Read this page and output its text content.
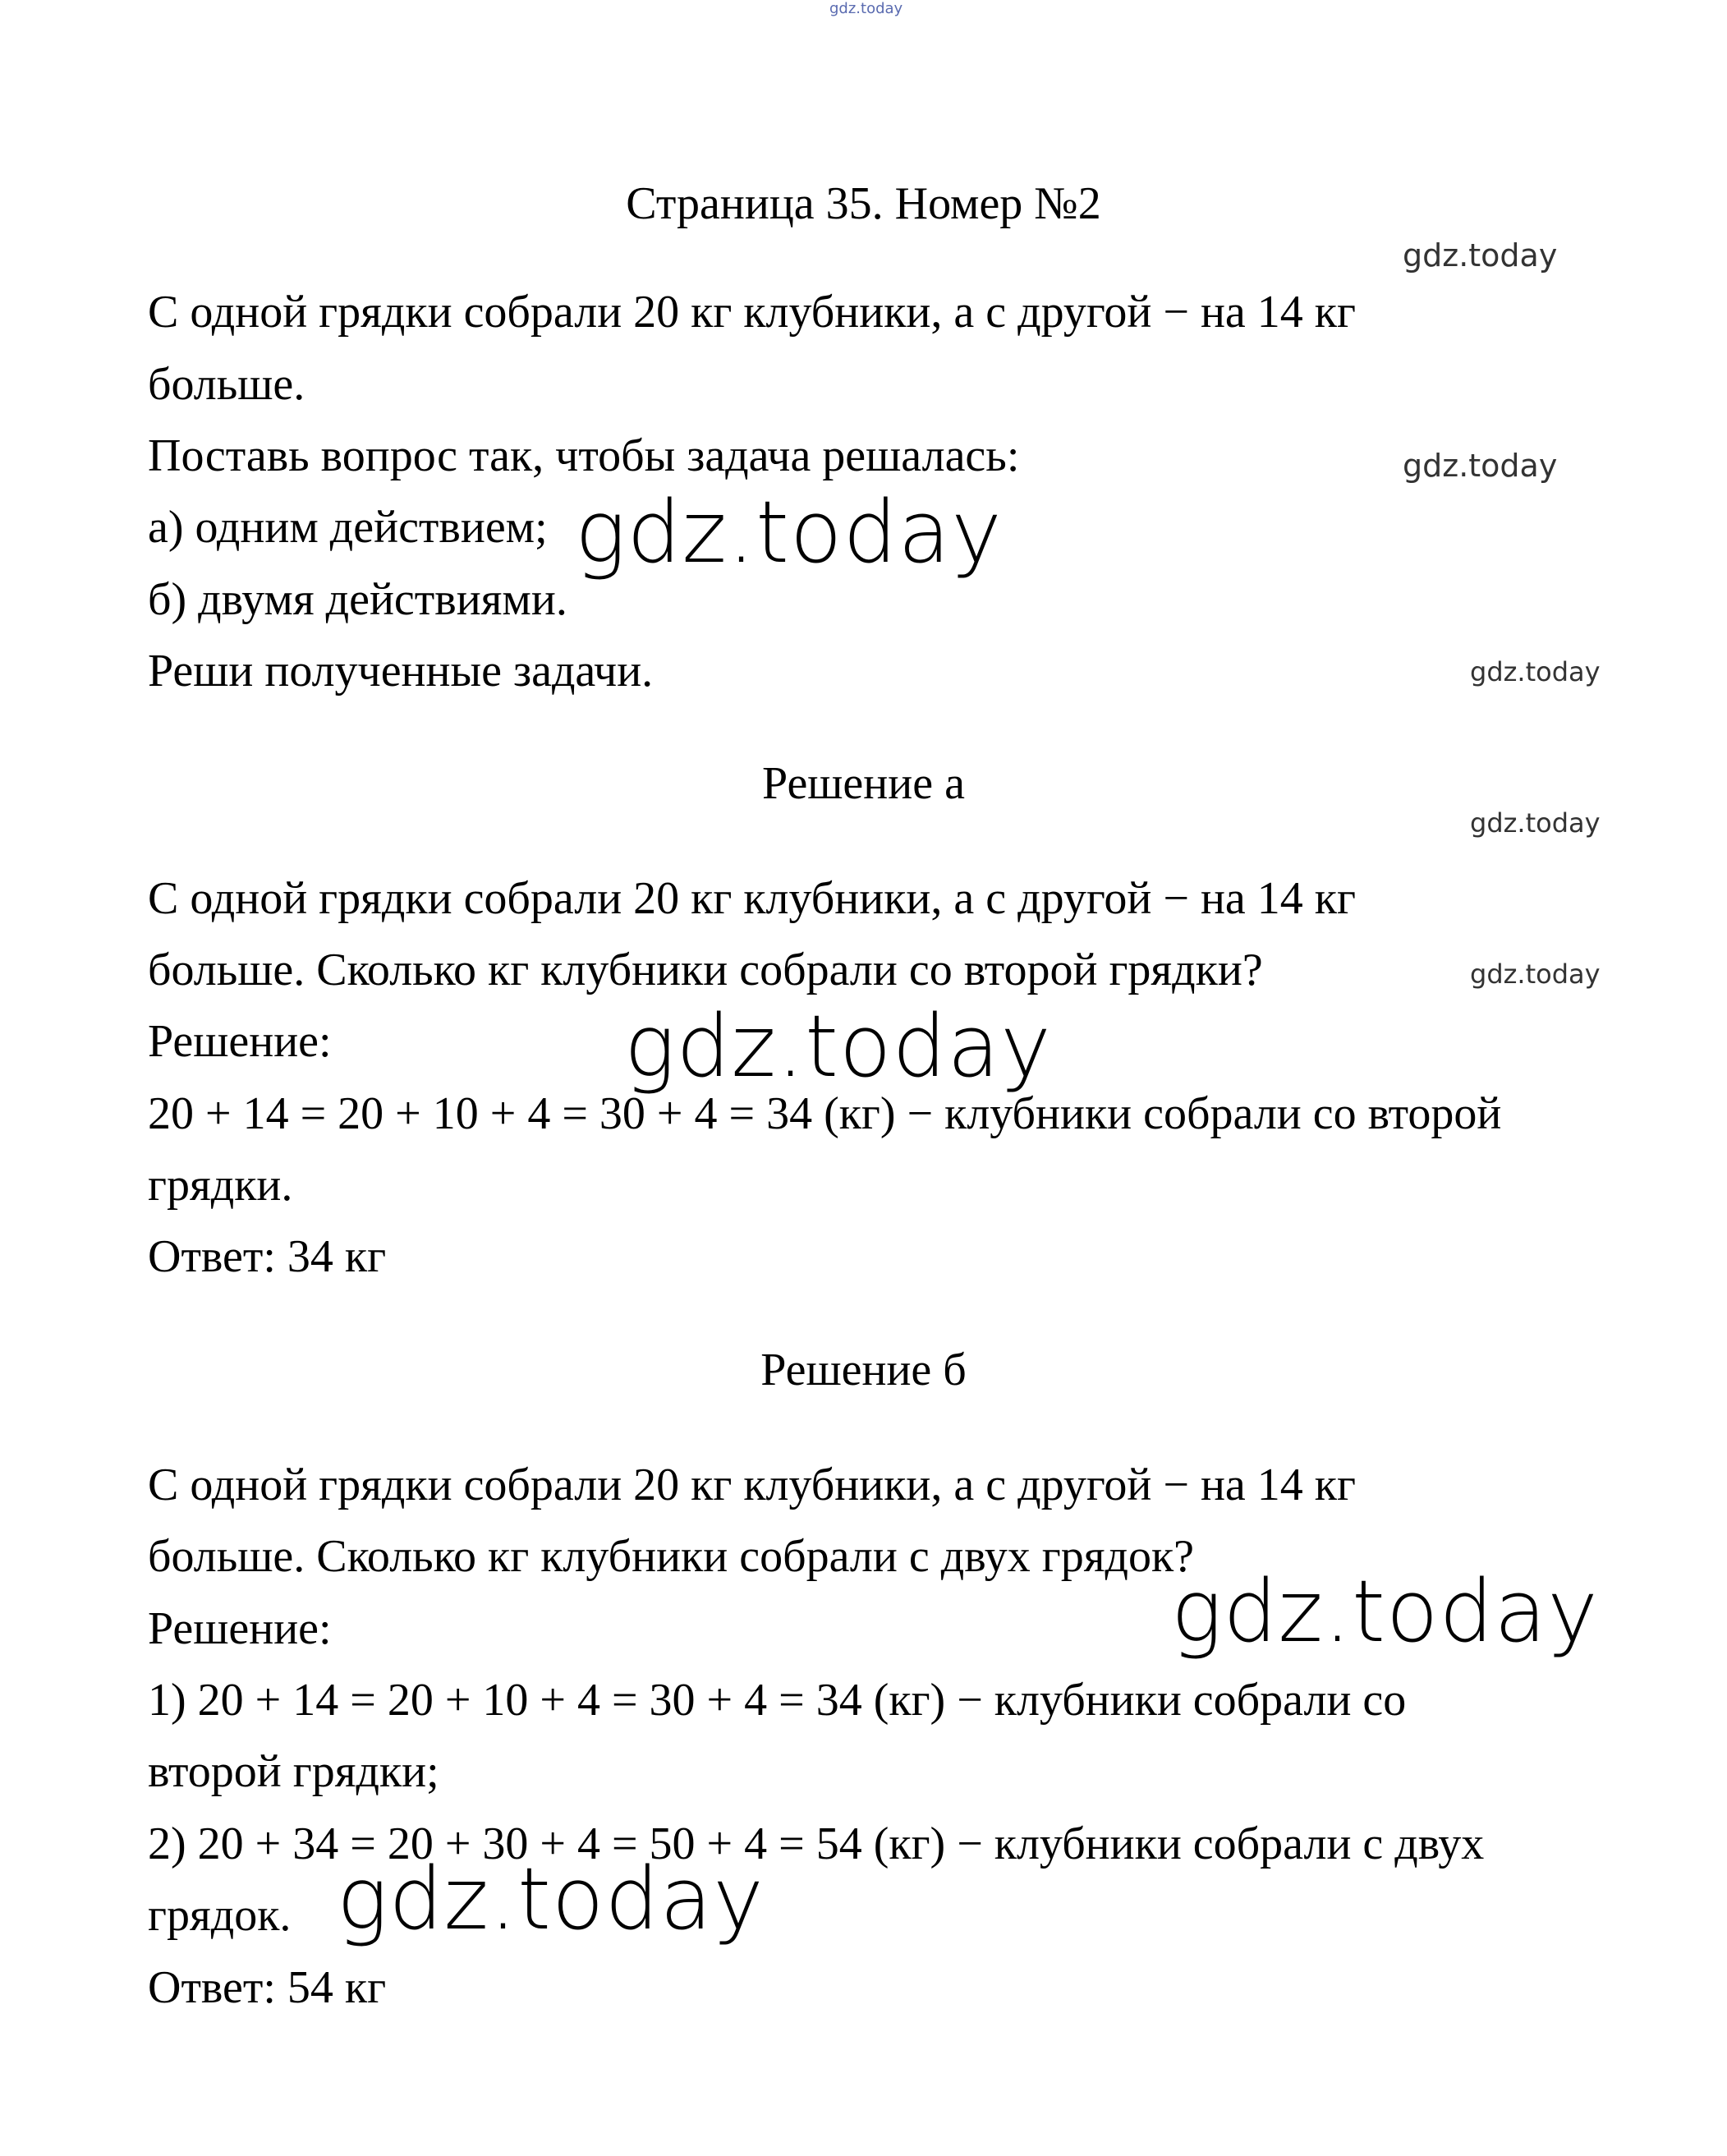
gdz.today
Страница 35. Номер №2
gdz.today

С одной грядки собрали 20 кг клубники, а с другой − на 14 кг

больше.

Поставь вопрос так, чтобы задача решалась:	gdz.today

а) одним действием; gdz.today

б) двумя действиями.

Реши полученные задачи.	gdz.today
Решение а
gdz.today

С одной грядки собрали 20 кг клубники, а с другой − на 14 кг

больше. Сколько кг клубники собрали со второй грядки?	gdz.today

Решение:	gdz.today

20 + 14 = 20 + 10 + 4 = 30 + 4 = 34 (кг) − клубники собрали со второй

грядки.

Ответ: 34 кг

Решение б

С одной грядки собрали 20 кг клубники, а с другой − на 14 кг

больше. Сколько кг клубники собрали с двух грядок?

gdz.today

Решение:

1) 20 + 14 = 20 + 10 + 4 = 30 + 4 = 34 (кг) − клубники собрали со

второй грядки;

2) 20 + 34 = 20 + 30 + 4 = 50 + 4 = 54 (кг) − клубники собрали с двух

грядок. gdz.today

Ответ: 54 кг
